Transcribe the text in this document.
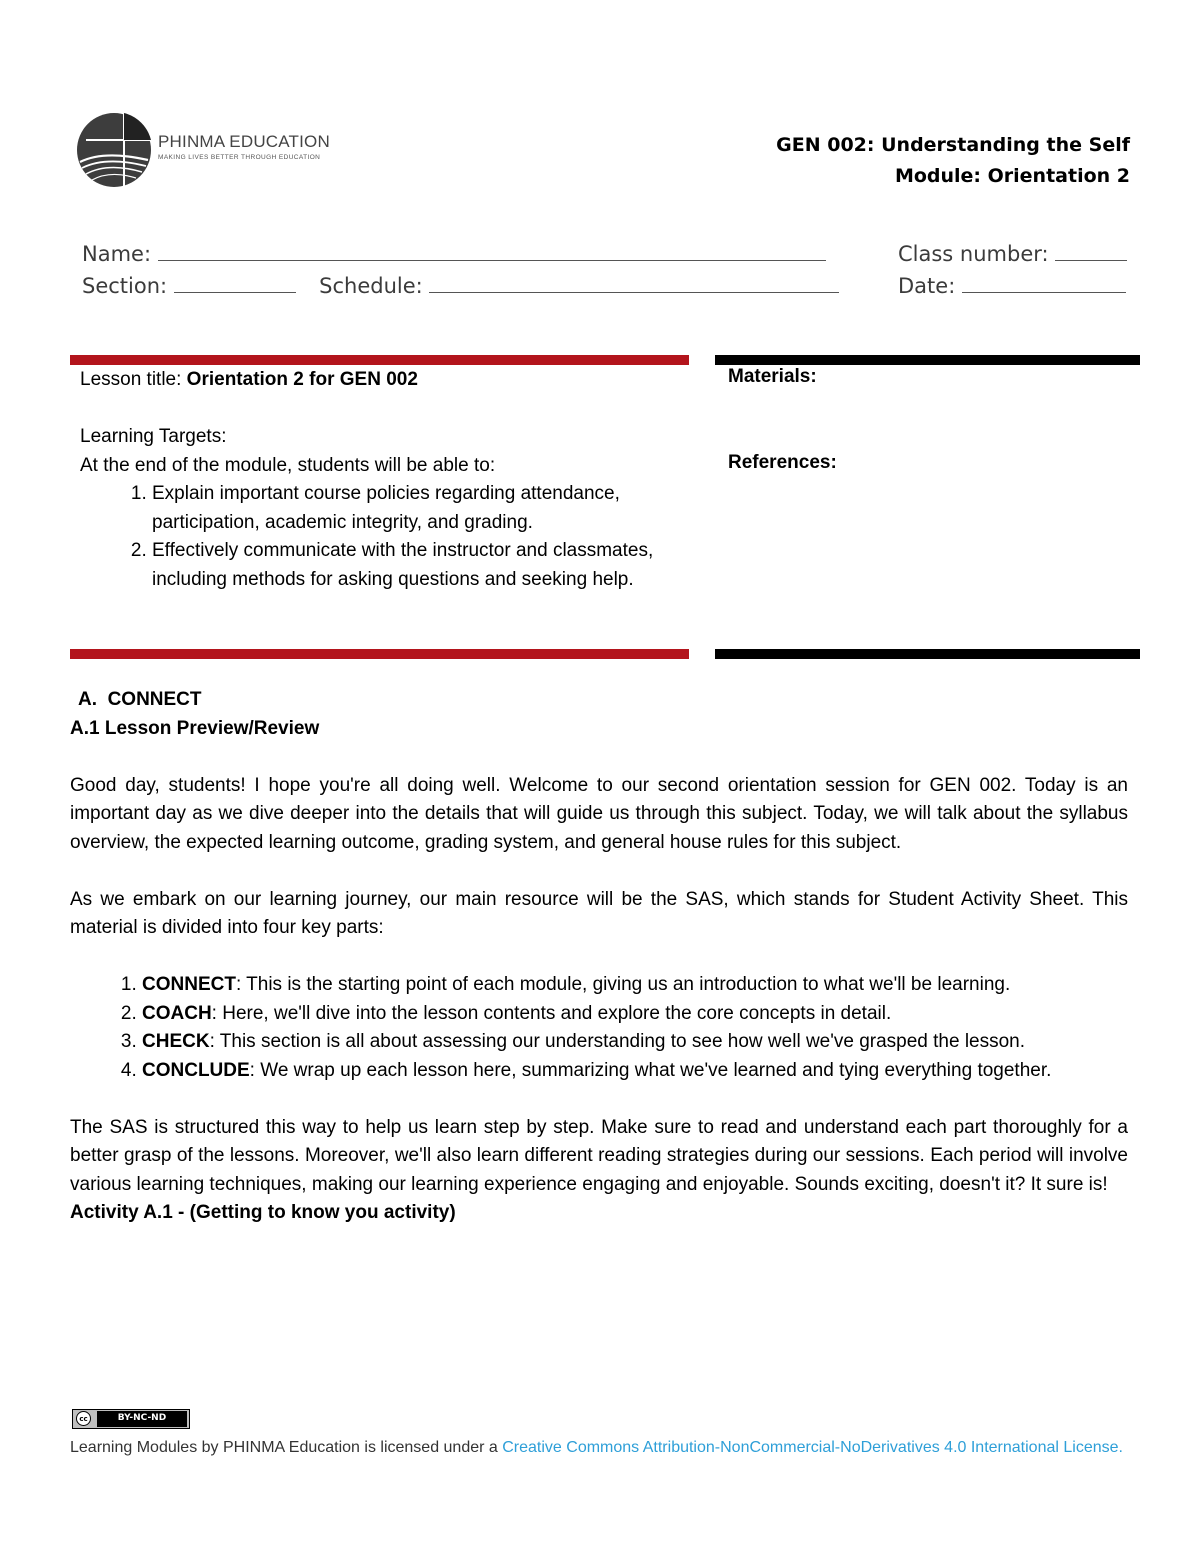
PHINMA EDUCATION
MAKING LIVES BETTER THROUGH EDUCATION
GEN 002: Understanding the Self
Module: Orientation 2
Name:	Class number:
Section:	Schedule:	Date:
Lesson title: Orientation 2 for GEN 002
Learning Targets:
At the end of the module, students will be able to:
1. Explain important course policies regarding attendance, participation, academic integrity, and grading.
2. Effectively communicate with the instructor and classmates, including methods for asking questions and seeking help.
Materials:
References:
A. CONNECT
A.1 Lesson Preview/Review

Good day, students! I hope you're all doing well. Welcome to our second orientation session for GEN 002. Today is an important day as we dive deeper into the details that will guide us through this subject. Today, we will talk about the syllabus overview, the expected learning outcome, grading system, and general house rules for this subject.

As we embark on our learning journey, our main resource will be the SAS, which stands for Student Activity Sheet. This material is divided into four key parts:

1. CONNECT: This is the starting point of each module, giving us an introduction to what we'll be learning.
2. COACH: Here, we'll dive into the lesson contents and explore the core concepts in detail.
3. CHECK: This section is all about assessing our understanding to see how well we've grasped the lesson.
4. CONCLUDE: We wrap up each lesson here, summarizing what we've learned and tying everything together.

The SAS is structured this way to help us learn step by step. Make sure to read and understand each part thoroughly for a better grasp of the lessons. Moreover, we'll also learn different reading strategies during our sessions. Each period will involve various learning techniques, making our learning experience engaging and enjoyable. Sounds exciting, doesn't it? It sure is!

Activity A.1 - (Getting to know you activity)
cc	BY-NC-ND
Learning Modules by PHINMA Education is licensed under a Creative Commons Attribution-NonCommercial-NoDerivatives 4.0 International License.
